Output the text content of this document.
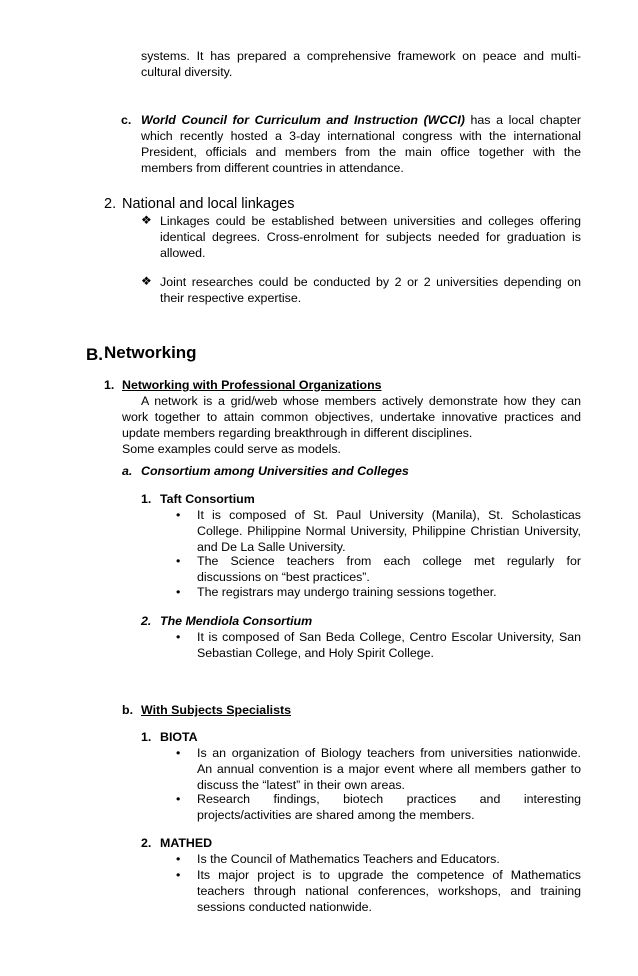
systems. It has prepared a comprehensive framework on peace and multi-
cultural diversity.
c. World Council for Curriculum and Instruction (WCCI) has a local chapter
which recently hosted a 3-day international congress with the international
President, officials and members from the main office together with the
members from different countries in attendance.
2. National and local linkages
❖ Linkages could be established between universities and colleges offering
identical degrees. Cross-enrolment for subjects needed for graduation is
allowed.
❖ Joint researches could be conducted by 2 or 2 universities depending on
their respective expertise.
B. Networking
1. Networking with Professional Organizations
A network is a grid/web whose members actively demonstrate how they can
work together to attain common objectives, undertake innovative practices and
update members regarding breakthrough in different disciplines.
Some examples could serve as models.
a. Consortium among Universities and Colleges
1. Taft Consortium
• It is composed of St. Paul University (Manila), St. Scholasticas
College. Philippine Normal University, Philippine Christian University,
and De La Salle University.
• The Science teachers from each college met regularly for
discussions on “best practices”.
• The registrars may undergo training sessions together.
2. The Mendiola Consortium
• It is composed of San Beda College, Centro Escolar University, San
Sebastian College, and Holy Spirit College.
b. With Subjects Specialists
1. BIOTA
• Is an organization of Biology teachers from universities nationwide.
An annual convention is a major event where all members gather to
discuss the “latest” in their own areas.
• Research findings, biotech practices and interesting
projects/activities are shared among the members.
2. MATHED
• Is the Council of Mathematics Teachers and Educators.
• Its major project is to upgrade the competence of Mathematics
teachers through national conferences, workshops, and training
sessions conducted nationwide.
